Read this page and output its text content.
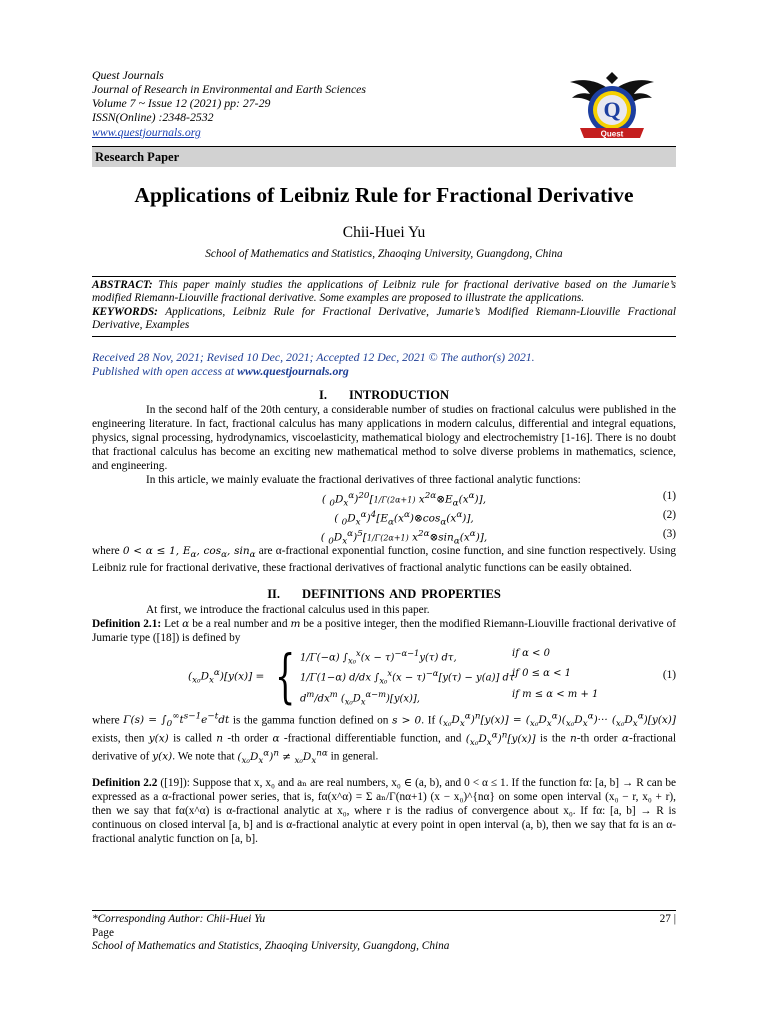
Quest Journals
Journal of Research in Environmental and Earth Sciences
Volume 7 ~ Issue 12 (2021) pp: 27-29
ISSN(Online) :2348-2532
www.questjournals.org
Q
Quest
Research Paper
Applications of Leibniz Rule for Fractional Derivative
Chii-Huei Yu
School of Mathematics and Statistics, Zhaoqing University, Guangdong, China
ABSTRACT: This paper mainly studies the applications of Leibniz rule for fractional derivative based on the Jumarie’s modified Riemann-Liouville fractional derivative. Some examples are proposed to illustrate the applications.
KEYWORDS: Applications, Leibniz Rule for Fractional Derivative, Jumarie’s Modified Riemann-Liouville Fractional Derivative, Examples
Received 28 Nov, 2021; Revised 10 Dec, 2021; Accepted 12 Dec, 2021 © The author(s) 2021.
Published with open access at www.questjournals.org
I. INTRODUCTION

In the second half of the 20th century, a considerable number of studies on fractional calculus were published in the engineering literature. In fact, fractional calculus has many applications in modern calculus, differential and integral equations, physics, signal processing, hydrodynamics, viscoelasticity, mathematical biology and electrochemistry [1-16]. There is no doubt that fractional calculus has become an exciting new mathematical method to solve diverse problems in mathematics, science, and engineering.

In this article, we mainly evaluate the fractional derivatives of three factional analytic functions:

( $_0D_x^\alpha)^{20}[1/\Gamma(2\alpha+1)$ $x^{2\alpha}\otimes E_\alpha(x^\alpha)$],	(1)
( $_0D_x^\alpha)^4[E_\alpha(x^\alpha)\otimes\cos_\alpha(x^\alpha)]$,	(2)
( $_0D_x^\alpha)^5[1/\Gamma(2\alpha+1)$ $x^{2\alpha}\otimes\sin_\alpha(x^\alpha)$],	(3)

where 0 < α ≤ 1, $E_\alpha$, $\cos_\alpha$, $\sin_\alpha$ are α-fractional exponential function, cosine function, and sine function respectively. Using Leibniz rule for fractional derivative, these fractional derivatives of fractional analytic functions can be easily obtained.

II. DEFINITIONS AND PROPERTIES

At first, we introduce the fractional calculus used in this paper.

Definition 2.1: Let α be a real number and m be a positive integer, then the modified Riemann-Liouville fractional derivative of Jumarie type ([18]) is defined by

$(_{x_0}D_x^\alpha)[y(x)]$ = { 1/Γ(−α) $\int_{x_0}^x(x - \tau)^{-\alpha-1}y(\tau)$ dτ,	if α < 0
1/Γ(1−α) d/dx $\int_{x_0}^x(x - \tau)^{-\alpha}[y(\tau) - y(a)]$ dτ
if 0 ≤ α < 1
$d^m/dx^m$ $(_{x_0}D_x^{\alpha-m})[y(x)]$,	if m ≤ α < m + 1
(1)

where $\Gamma(s) = \int_0^\infty t^{s-1}e^{-t}dt$ is the gamma function defined on s > 0. If $(_{x_0}D_x^\alpha)^n[y(x)] = (_{x_0}D_x^\alpha)(_{x_0}D_x^\alpha)\cdot\cdot\cdot (_{x_0}D_x^\alpha)[y(x)]$ exists, then y(x) is called n -th order α -fractional differentiable function, and $(_{x_0}D_x^\alpha)^n[y(x)]$ is the n-th order α-fractional derivative of y(x). We note that $(_{x_0}D_x^\alpha)^n \ne _{x_0}D_x^{n\alpha}$ in general.

Definition 2.2 ([19]): Suppose that x, x₀ and aₙ are real numbers, x₀ ∈ (a, b), and 0 < α ≤ 1. If the function fα: [a, b] → R can be expressed as a α-fractional power series, that is, fα(x^α) = Σ aₙ/Γ(nα+1) (x − x₀)^{nα} on some open interval (x₀ − r, x₀ + r), then we say that fα(x^α) is α-fractional analytic at x₀, where r is the radius of convergence about x₀. If fα: [a, b] → R is continuous on closed interval [a, b] and is α-fractional analytic at every point in open interval (a, b), then we say that fα is an α-fractional analytic function on [a, b].

*Corresponding Author: Chii-Huei Yu	27 |
Page
School of Mathematics and Statistics, Zhaoqing University, Guangdong, China
